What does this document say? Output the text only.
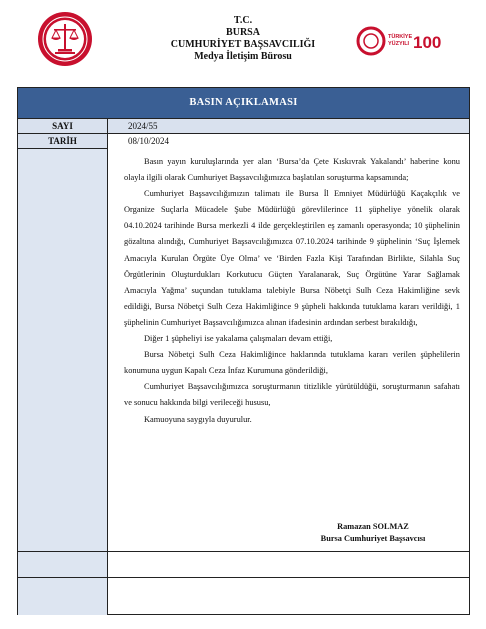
T.C.
BURSA
CUMHURİYET BAŞSAVCILIĞI
Medya İletişim Bürosu
TÜRKİYE
YÜZYILI 100
BASIN AÇIKLAMASI
SAYI	2024/55
TARİH	08/10/2024

Basın yayın kuruluşlarında yer alan ‘Bursa’da Çete Kıskıvrak Yakalandı’ haberine konu olayla ilgili olarak Cumhuriyet Başsavcılığımızca başlatılan soruşturma kapsamında;

Cumhuriyet Başsavcılığımızın talimatı ile Bursa İl Emniyet Müdürlüğü Kaçakçılık ve Organize Suçlarla Mücadele Şube Müdürlüğü görevlilerince 11 şüpheliye yönelik olarak 04.10.2024 tarihinde Bursa merkezli 4 ilde gerçekleştirilen eş zamanlı operasyonda; 10 şüphelinin gözaltına alındığı, Cumhuriyet Başsavcılığımızca 07.10.2024 tarihinde 9 şüphelinin ‘Suç İşlemek Amacıyla Kurulan Örgüte Üye Olma’ ve ‘Birden Fazla Kişi Tarafından Birlikte, Silahla Suç Örgütlerinin Oluşturdukları Korkutucu Güçten Yaralanarak, Suç Örgütüne Yarar Sağlamak Amacıyla Yağma’ suçundan tutuklama talebiyle Bursa Nöbetçi Sulh Ceza Hakimliğine sevk edildiği, Bursa Nöbetçi Sulh Ceza Hakimliğince 9 şüpheli hakkında tutuklama kararı verildiği, 1 şüphelinin Cumhuriyet Başsavcılığımızca alınan ifadesinin ardından serbest bırakıldığı,

Diğer 1 şüpheliyi ise yakalama çalışmaları devam ettiği,

Bursa Nöbetçi Sulh Ceza Hakimliğince haklarında tutuklama kararı verilen şüphelilerin konumuna uygun Kapalı Ceza İnfaz Kurumuna gönderildiği,

Cumhuriyet Başsavcılığımızca soruşturmanın titizlikle yürütüldüğü, soruşturmanın safahatı ve sonucu hakkında bilgi verileceği hususu,

Kamuoyuna saygıyla duyurulur.

Ramazan SOLMAZ
Bursa Cumhuriyet Başsavcısı
